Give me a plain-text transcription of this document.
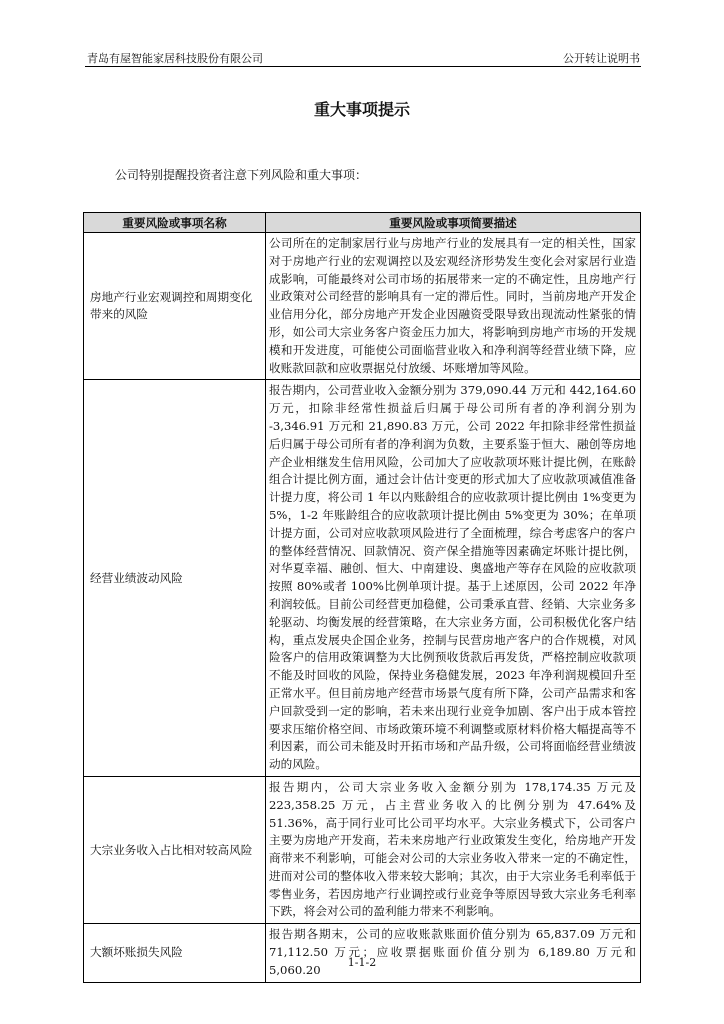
青岛有屋智能家居科技股份有限公司	公开转让说明书
重大事项提示
公司特别提醒投资者注意下列风险和重大事项：
重要风险或事项名称	重要风险或事项简要描述
房地产行业宏观调控和周期变化带来的风险	公司所在的定制家居行业与房地产行业的发展具有一定的相关性，国家对于房地产行业的宏观调控以及宏观经济形势发生变化会对家居行业造成影响，可能最终对公司市场的拓展带来一定的不确定性，且房地产行业政策对公司经营的影响具有一定的滞后性。同时，当前房地产开发企业信用分化，部分房地产开发企业因融资受限导致出现流动性紧张的情形，如公司大宗业务客户资金压力加大，将影响到房地产市场的开发规模和开发进度，可能使公司面临营业收入和净利润等经营业绩下降，应收账款回款和应收票据兑付放缓、坏账增加等风险。
经营业绩波动风险	报告期内，公司营业收入金额分别为 379,090.44 万元和 442,164.60 万元，扣除非经常性损益后归属于母公司所有者的净利润分别为 -3,346.91 万元和 21,890.83 万元，公司 2022 年扣除非经常性损益后归属于母公司所有者的净利润为负数，主要系鉴于恒大、融创等房地产企业相继发生信用风险，公司加大了应收款项坏账计提比例，在账龄组合计提比例方面，通过会计估计变更的形式加大了应收款项减值准备计提力度，将公司 1 年以内账龄组合的应收款项计提比例由 1%变更为 5%，1-2 年账龄组合的应收款项计提比例由 5%变更为 30%；在单项计提方面，公司对应收款项风险进行了全面梳理，综合考虑客户的客户的整体经营情况、回款情况、资产保全措施等因素确定坏账计提比例，对华夏幸福、融创、恒大、中南建设、奥盛地产等存在风险的应收款项按照 80%或者 100%比例单项计提。基于上述原因，公司 2022 年净利润较低。目前公司经营更加稳健，公司秉承直营、经销、大宗业务多轮驱动、均衡发展的经营策略，在大宗业务方面，公司积极优化客户结构，重点发展央企国企业务，控制与民营房地产客户的合作规模，对风险客户的信用政策调整为大比例预收货款后再发货，严格控制应收款项不能及时回收的风险，保持业务稳健发展，2023 年净利润规模回升至正常水平。但目前房地产经营市场景气度有所下降，公司产品需求和客户回款受到一定的影响，若未来出现行业竞争加剧、客户出于成本管控要求压缩价格空间、市场政策环境不利调整或原材料价格大幅提高等不利因素，而公司未能及时开拓市场和产品升级，公司将面临经营业绩波动的风险。
大宗业务收入占比相对较高风险	报告期内，公司大宗业务收入金额分别为 178,174.35 万元及 223,358.25 万元，占主营业务收入的比例分别为 47.64%及 51.36%，高于同行业可比公司平均水平。大宗业务模式下，公司客户主要为房地产开发商，若未来房地产行业政策发生变化，给房地产开发商带来不利影响，可能会对公司的大宗业务收入带来一定的不确定性，进而对公司的整体收入带来较大影响；其次，由于大宗业务毛利率低于零售业务，若因房地产行业调控或行业竞争等原因导致大宗业务毛利率下跌，将会对公司的盈利能力带来不利影响。
大额坏账损失风险	报告期各期末，公司的应收账款账面价值分别为 65,837.09 万元和 71,112.50 万元；应收票据账面价值分别为 6,189.80 万元和 5,060.20
1-1-2
